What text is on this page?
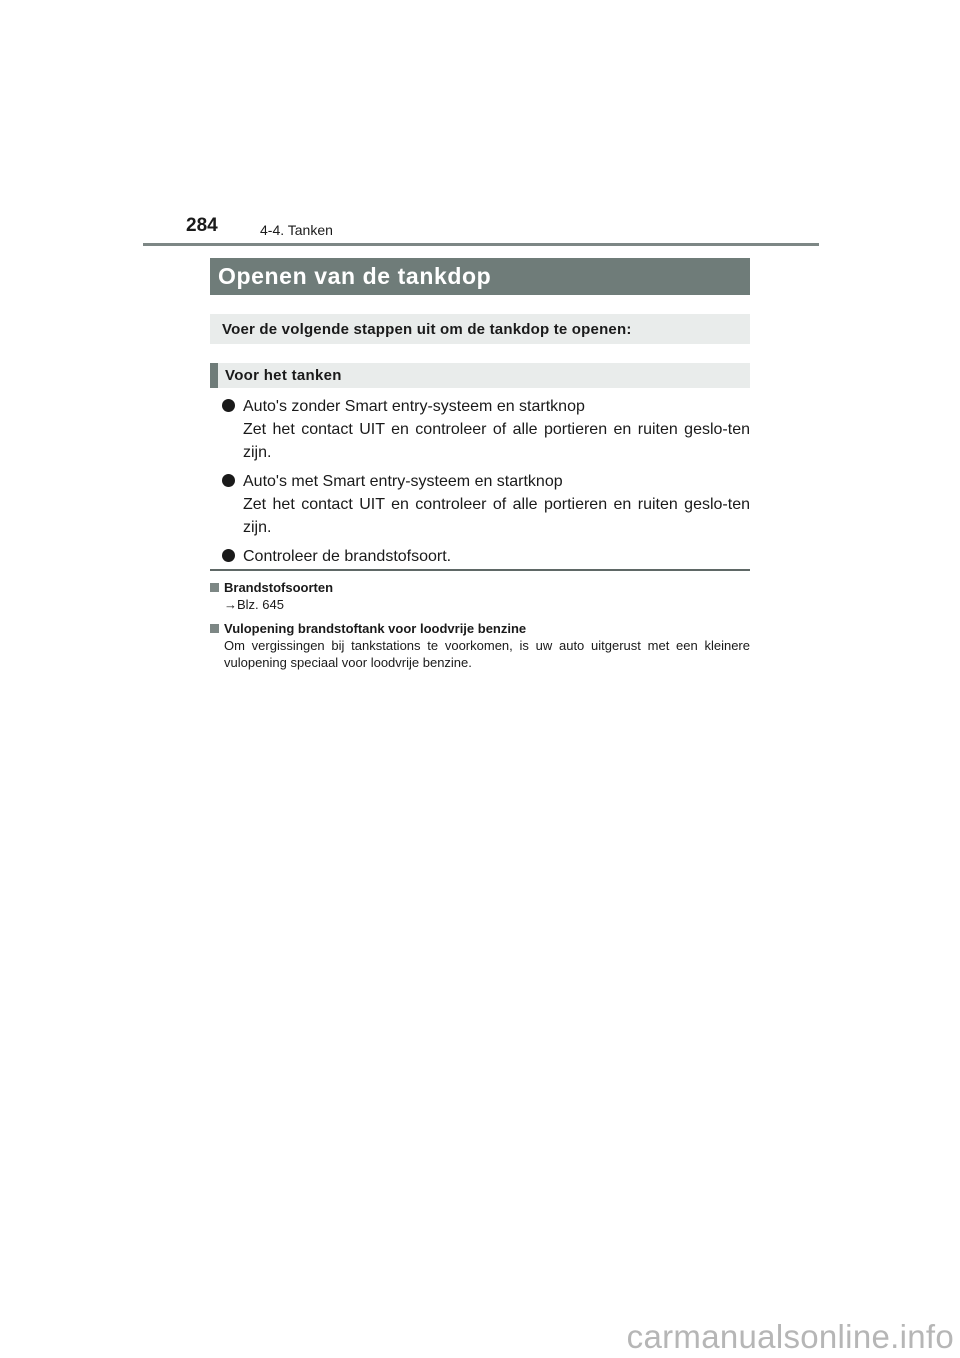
284	4-4. Tanken
Openen van de tankdop
Voer de volgende stappen uit om de tankdop te openen:
Voor het tanken
Auto's zonder Smart entry-systeem en startknop
Zet het contact UIT en controleer of alle portieren en ruiten geslo-ten zijn.
Auto's met Smart entry-systeem en startknop
Zet het contact UIT en controleer of alle portieren en ruiten geslo-ten zijn.
Controleer de brandstofsoort.
Brandstofsoorten
→Blz. 645
Vulopening brandstoftank voor loodvrije benzine
Om vergissingen bij tankstations te voorkomen, is uw auto uitgerust met een kleinere vulopening speciaal voor loodvrije benzine.
carmanualsonline.info
